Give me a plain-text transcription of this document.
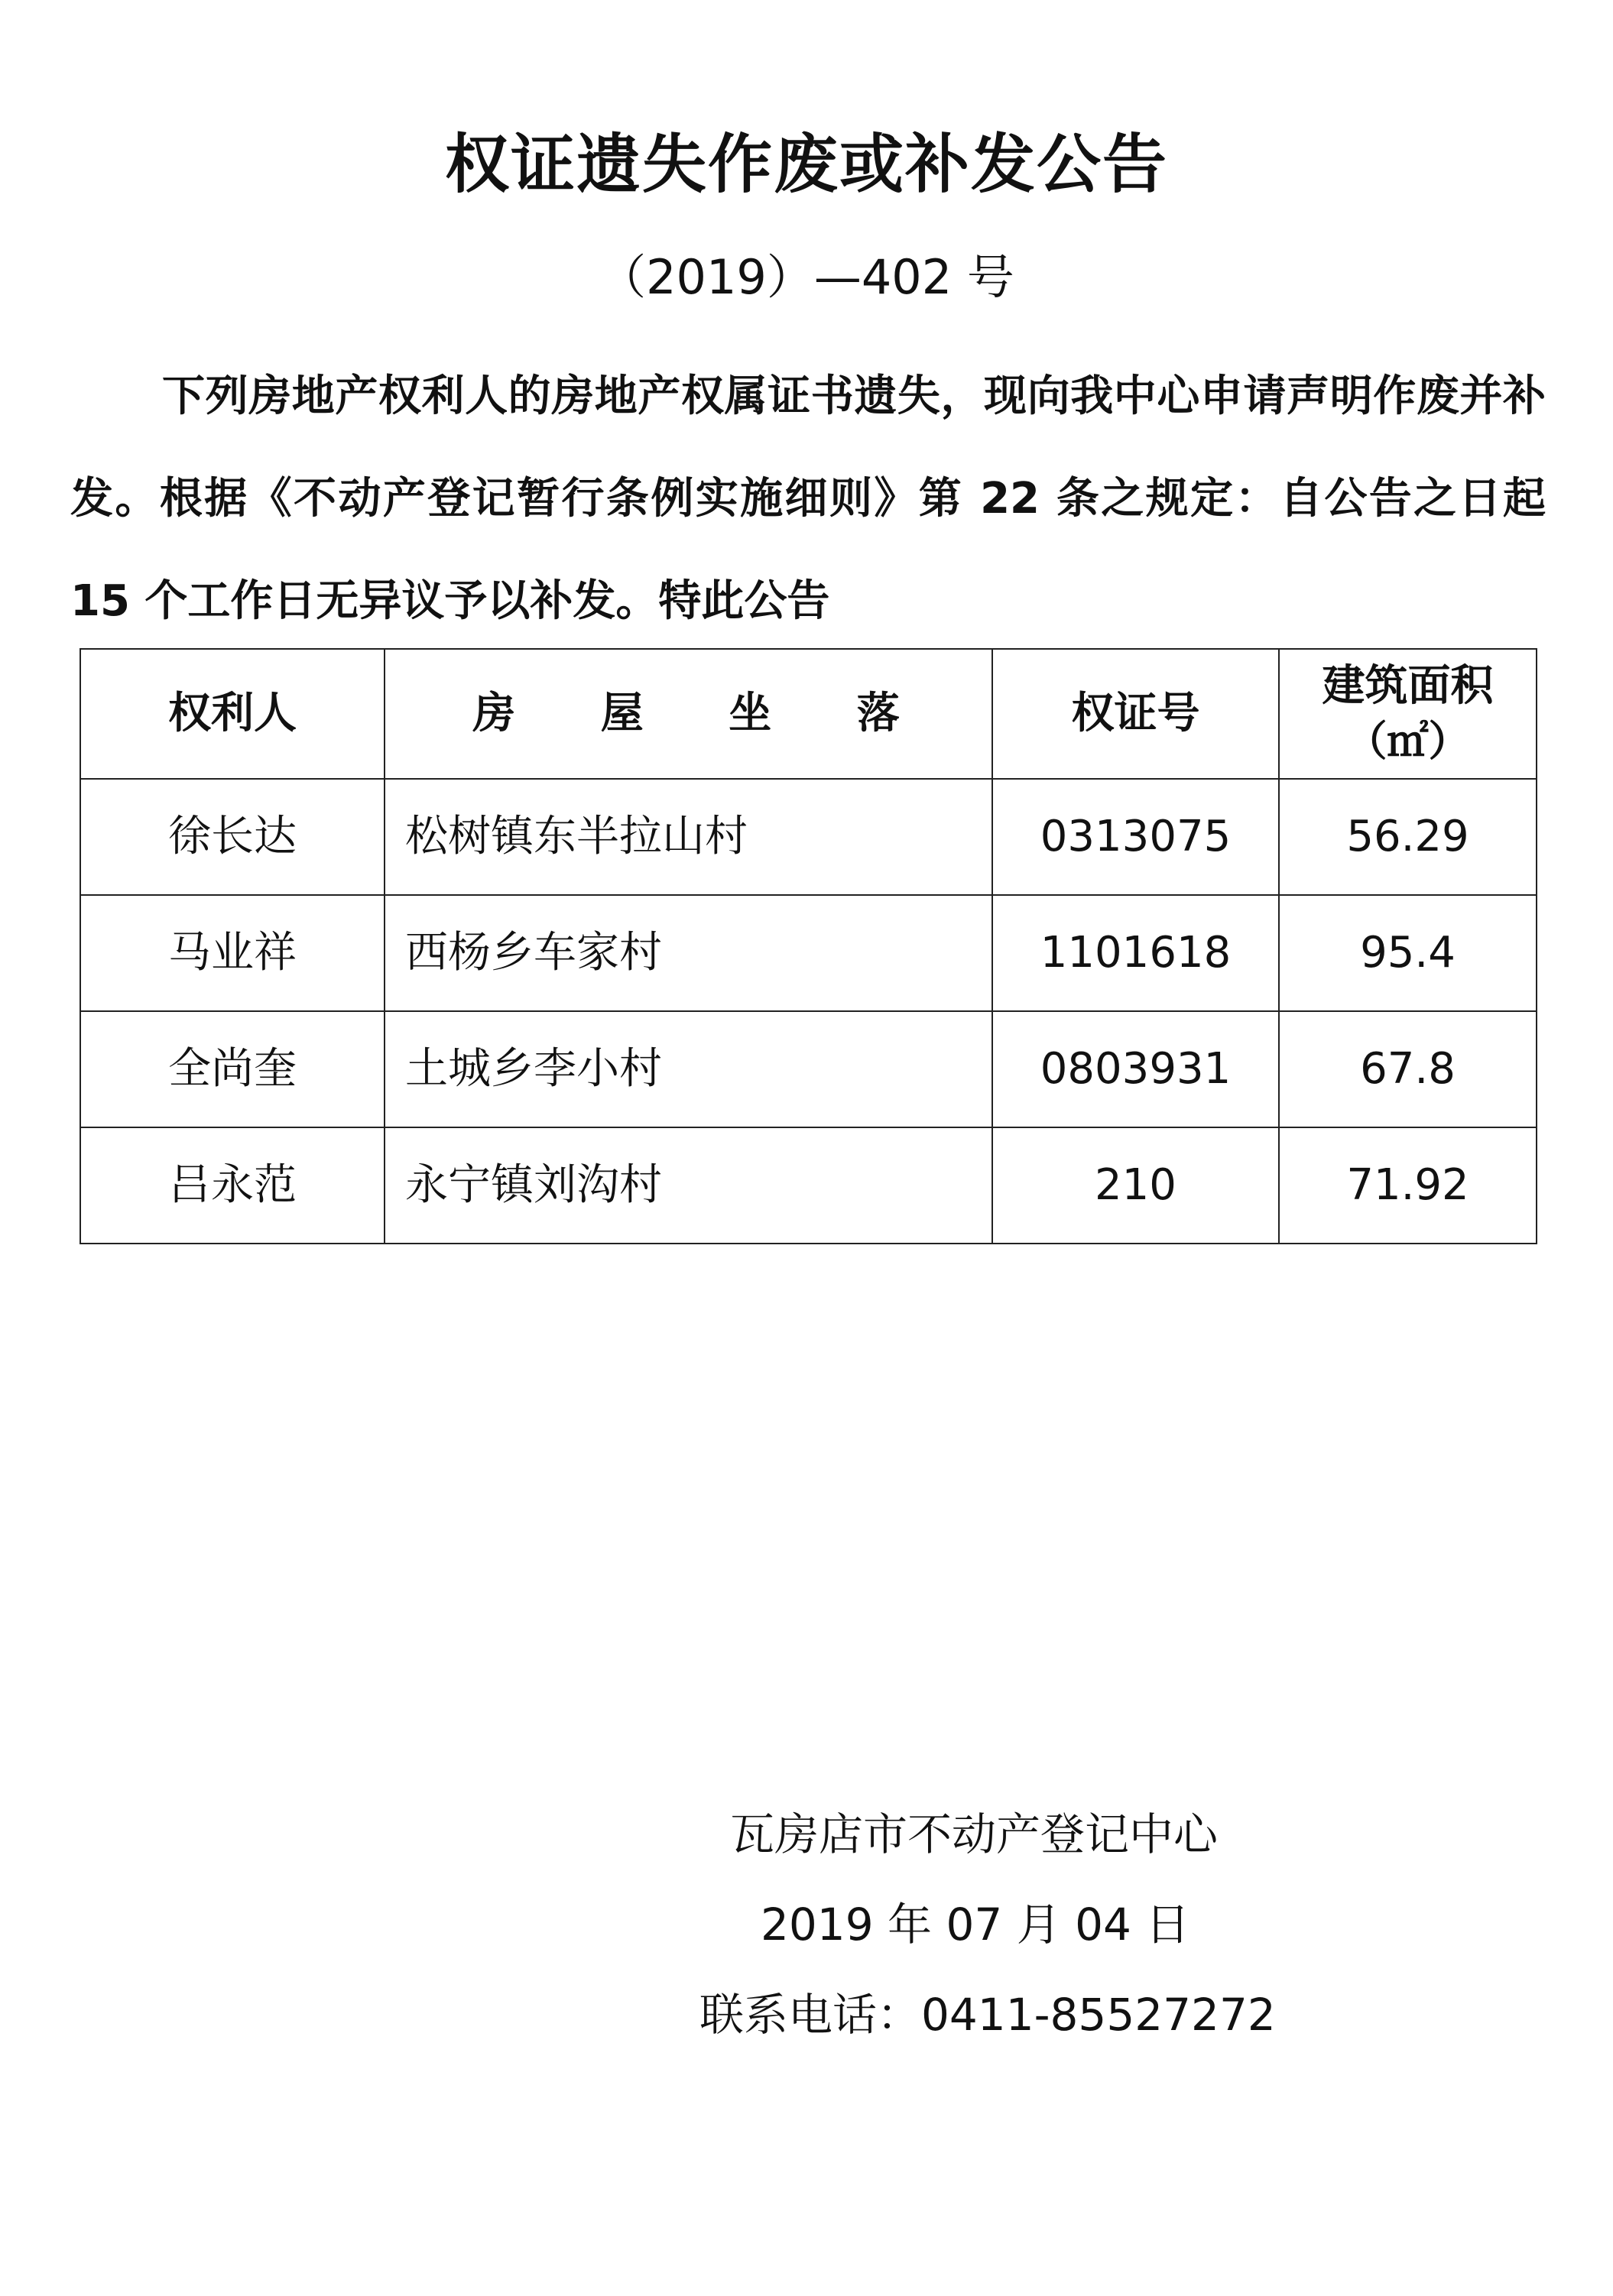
权证遗失作废或补发公告
（2019）—402 号

下列房地产权利人的房地产权属证书遗失，现向我中心申请声明作废并补发。根据《不动产登记暂行条例实施细则》第 22 条之规定：自公告之日起 15 个工作日无异议予以补发。特此公告

权利人	房 屋 坐 落	权证号	建筑面积
（㎡）

徐长达	松树镇东半拉山村	0313075	56.29
马业祥	西杨乡车家村	1101618	95.4
全尚奎	土城乡李小村	0803931	67.8
吕永范	永宁镇刘沟村	210	71.92
瓦房店市不动产登记中心
2019 年 07 月 04 日
联系电话：0411-85527272
